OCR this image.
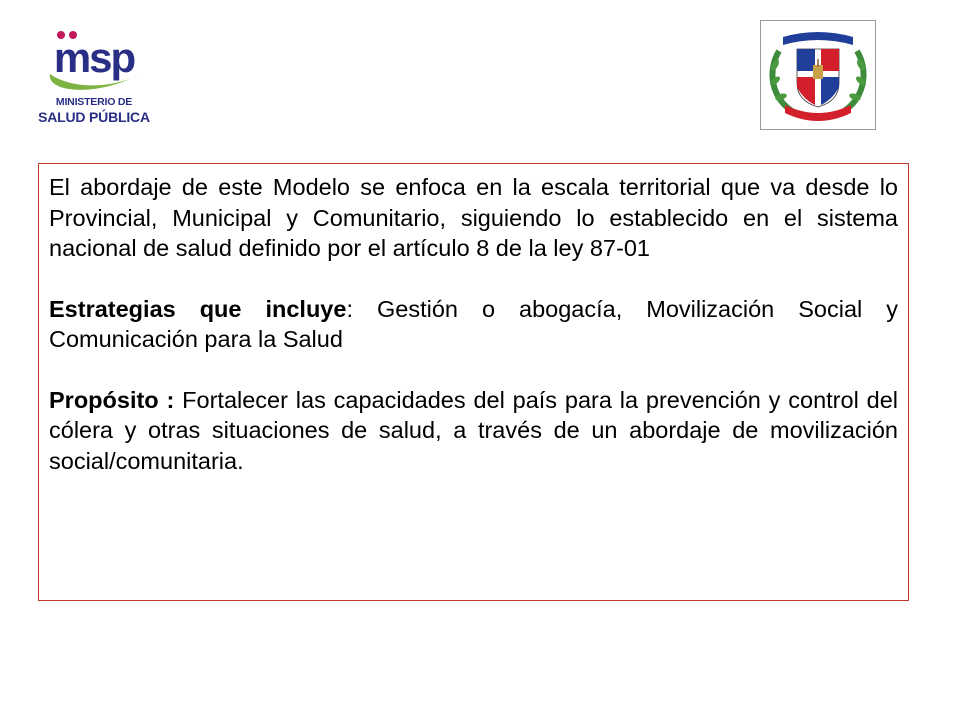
msp
MINISTERIO DE
SALUD PÚBLICA

El abordaje de este Modelo se enfoca en la escala territorial que va desde lo Provincial, Municipal y Comunitario, siguiendo lo establecido en el sistema nacional de salud definido por el artículo 8 de la ley 87-01

Estrategias que incluye: Gestión o abogacía, Movilización Social y Comunicación para la Salud

Propósito : Fortalecer las capacidades del país para la prevención y control del cólera y otras situaciones de salud, a través de un abordaje de movilización social/comunitaria.
